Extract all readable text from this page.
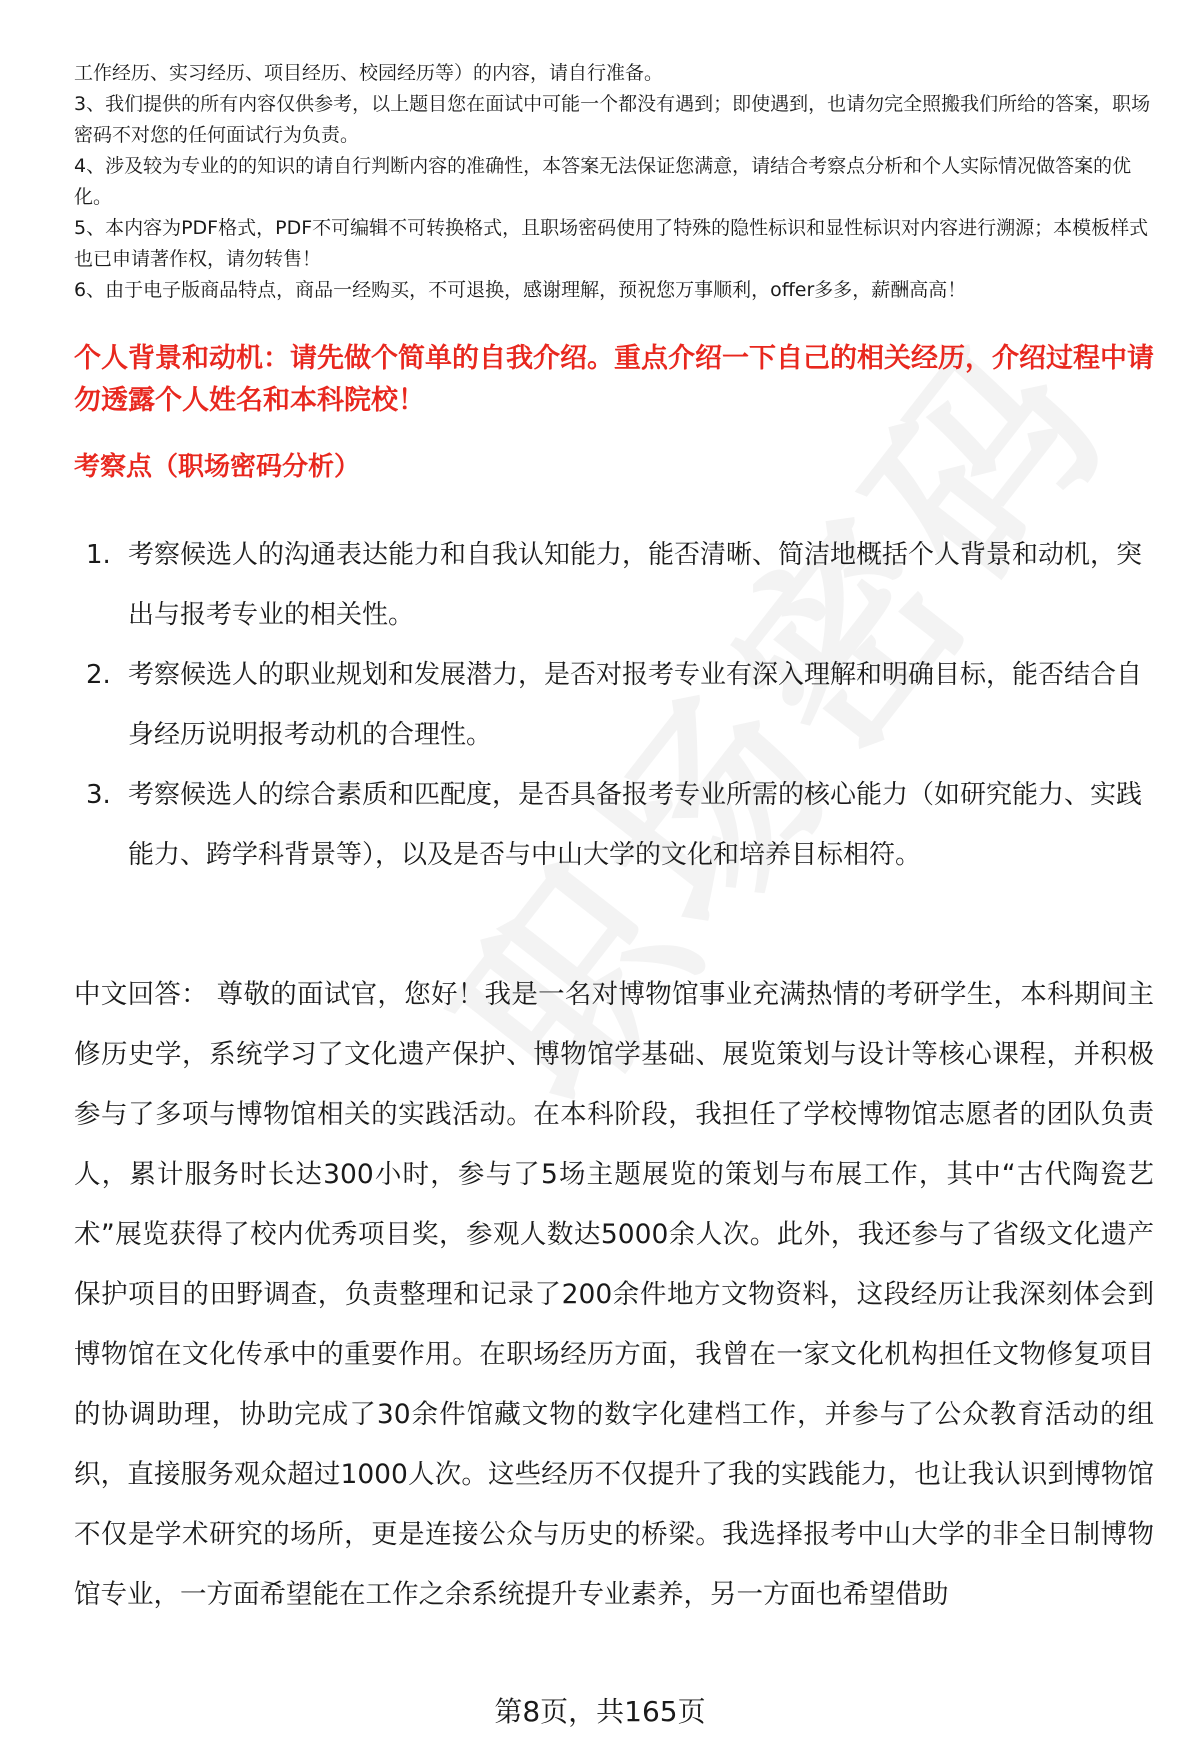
工作经历、实习经历、项目经历、校园经历等）的内容，请自行准备。

3、我们提供的所有内容仅供参考，以上题目您在面试中可能一个都没有遇到；即使遇到，也请勿完全照搬我们所给的答案，职场密码不对您的任何面试行为负责。

4、涉及较为专业的的知识的请自行判断内容的准确性，本答案无法保证您满意，请结合考察点分析和个人实际情况做答案的优化。

5、本内容为PDF格式，PDF不可编辑不可转换格式，且职场密码使用了特殊的隐性标识和显性标识对内容进行溯源；本模板样式也已申请著作权，请勿转售！

6、由于电子版商品特点，商品一经购买，不可退换，感谢理解，预祝您万事顺利，offer多多，薪酬高高！

个人背景和动机：请先做个简单的自我介绍。重点介绍一下自己的相关经历，介绍过程中请勿透露个人姓名和本科院校！

考察点（职场密码分析）

1. 考察候选人的沟通表达能力和自我认知能力，能否清晰、简洁地概括个人背景和动机，突出与报考专业的相关性。
2. 考察候选人的职业规划和发展潜力，是否对报考专业有深入理解和明确目标，能否结合自身经历说明报考动机的合理性。
3. 考察候选人的综合素质和匹配度，是否具备报考专业所需的核心能力（如研究能力、实践能力、跨学科背景等），以及是否与中山大学的文化和培养目标相符。

中文回答： 尊敬的面试官，您好！我是一名对博物馆事业充满热情的考研学生，本科期间主修历史学，系统学习了文化遗产保护、博物馆学基础、展览策划与设计等核心课程，并积极参与了多项与博物馆相关的实践活动。在本科阶段，我担任了学校博物馆志愿者的团队负责人，累计服务时长达300小时，参与了5场主题展览的策划与布展工作，其中“古代陶瓷艺术”展览获得了校内优秀项目奖，参观人数达5000余人次。此外，我还参与了省级文化遗产保护项目的田野调查，负责整理和记录了200余件地方文物资料，这段经历让我深刻体会到博物馆在文化传承中的重要作用。在职场经历方面，我曾在一家文化机构担任文物修复项目的协调助理，协助完成了30余件馆藏文物的数字化建档工作，并参与了公众教育活动的组织，直接服务观众超过1000人次。这些经历不仅提升了我的实践能力，也让我认识到博物馆不仅是学术研究的场所，更是连接公众与历史的桥梁。我选择报考中山大学的非全日制博物馆专业，一方面希望能在工作之余系统提升专业素养，另一方面也希望借助

第8页，共165页
